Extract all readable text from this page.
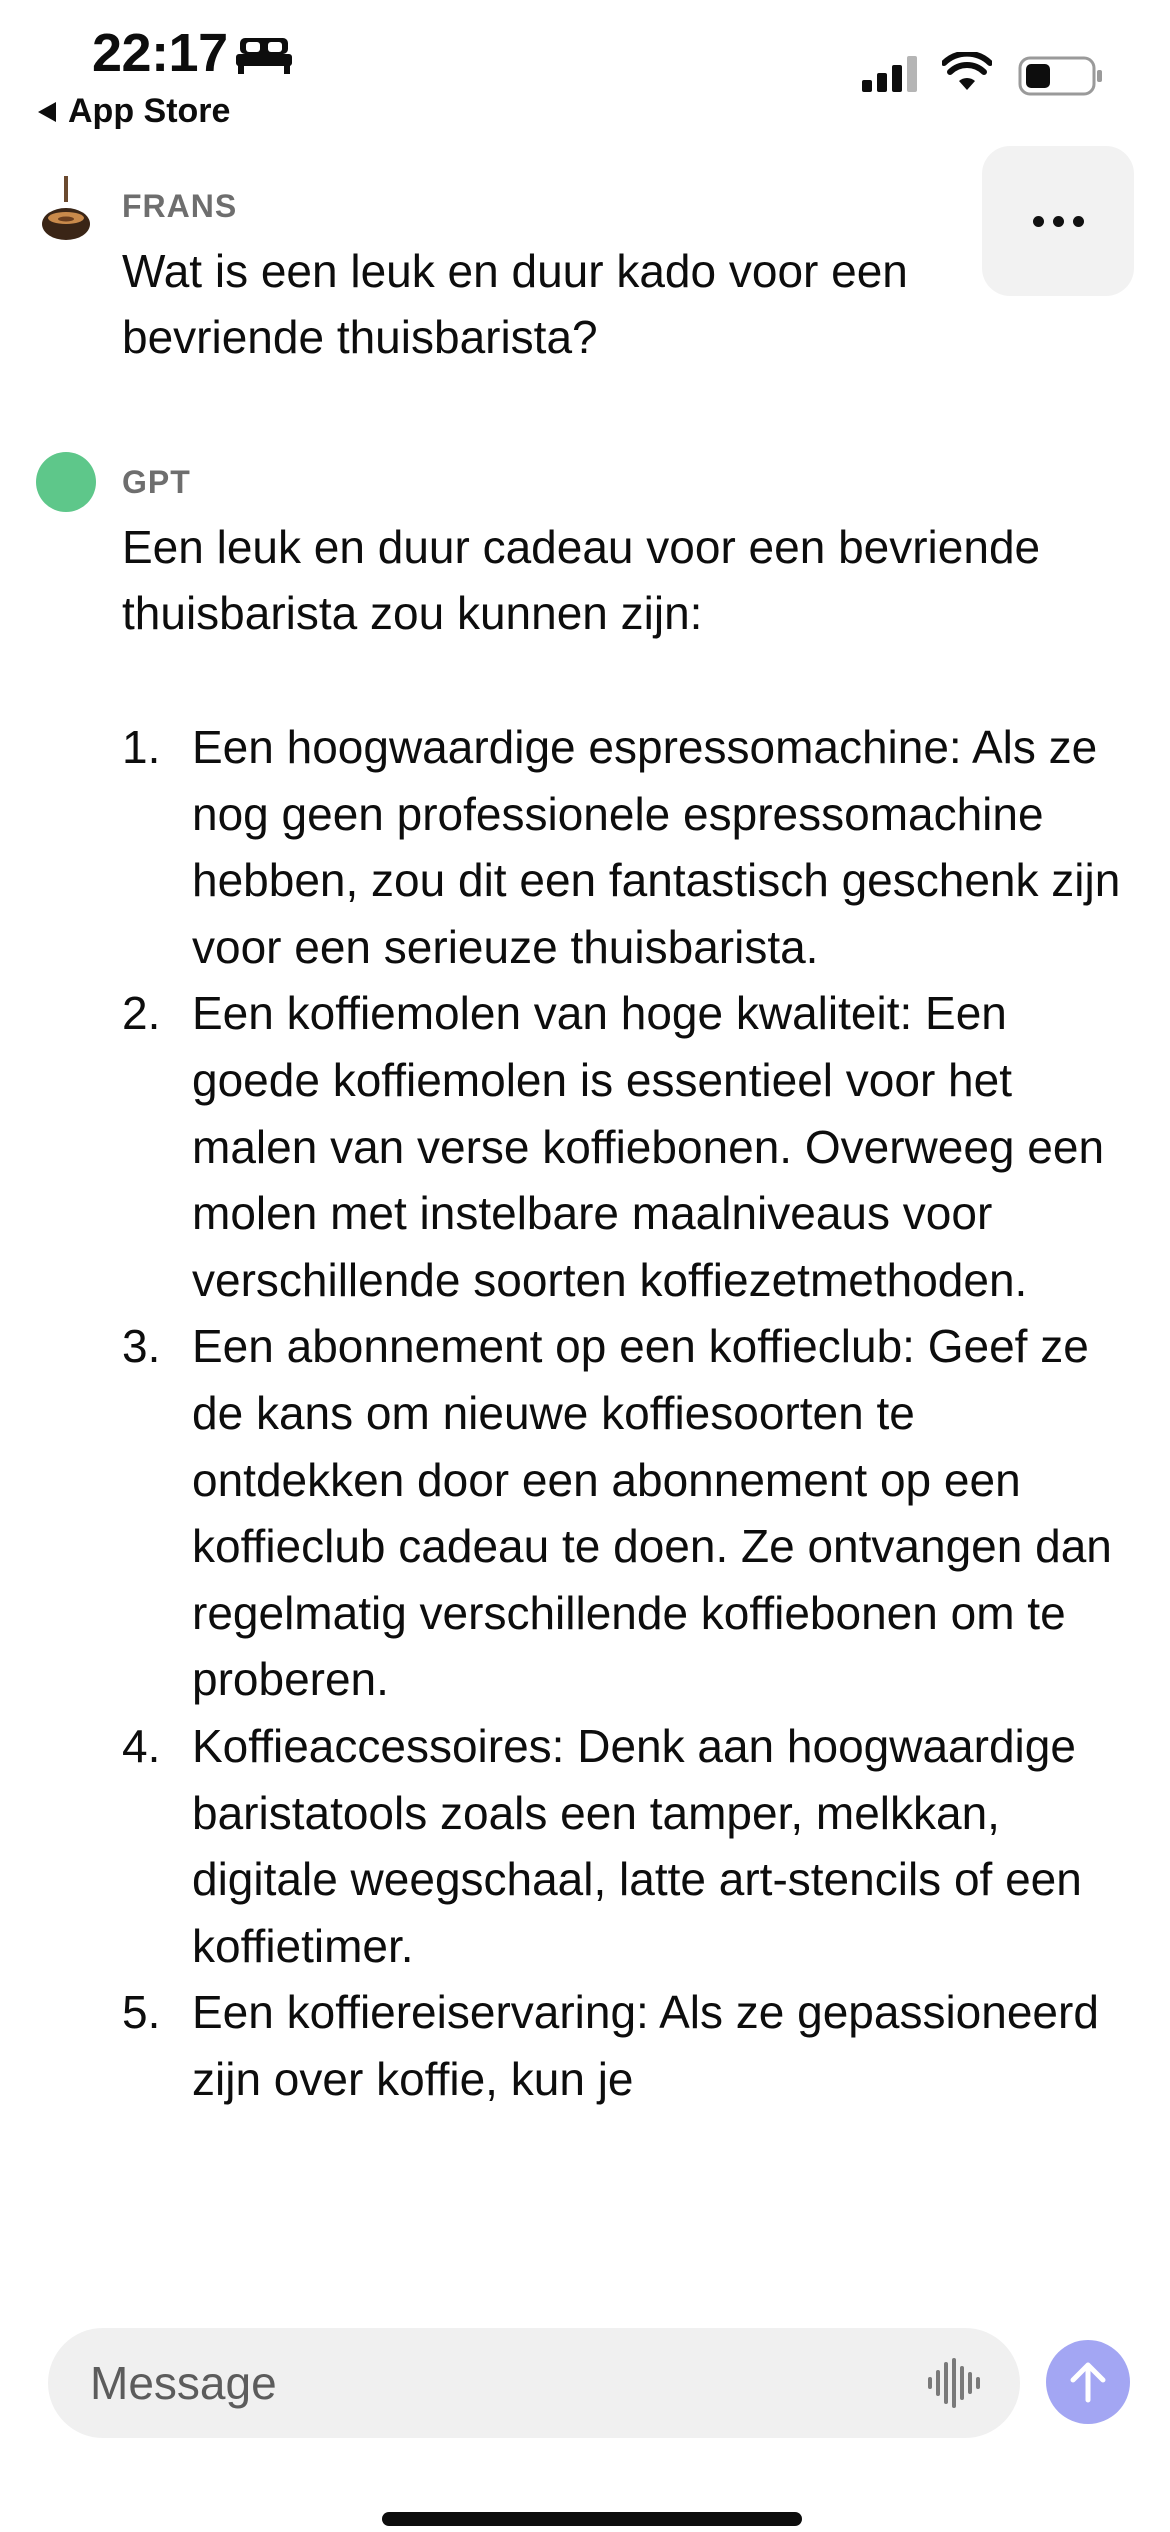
22:17
App Store
FRANS
Wat is een leuk en duur kado voor een bevriende thuisbarista?
GPT
Een leuk en duur cadeau voor een bevriende thuisbarista zou kunnen zijn:
1. Een hoogwaardige espressomachine: Als ze nog geen professionele espressomachine hebben, zou dit een fantastisch geschenk zijn voor een serieuze thuisbarista.
2. Een koffiemolen van hoge kwaliteit: Een goede koffiemolen is essentieel voor het malen van verse koffiebonen. Overweeg een molen met instelbare maalniveaus voor verschillende soorten koffiezetmethoden.
3. Een abonnement op een koffieclub: Geef ze de kans om nieuwe koffiesoorten te ontdekken door een abonnement op een koffieclub cadeau te doen. Ze ontvangen dan regelmatig verschillende koffiebonen om te proberen.
4. Koffieaccessoires: Denk aan hoogwaardige baristatools zoals een tamper, melkkan, digitale weegschaal, latte art-stencils of een koffietimer.
5. Een koffiereiservaring: Als ze gepassioneerd zijn over koffie, kun je
Message
